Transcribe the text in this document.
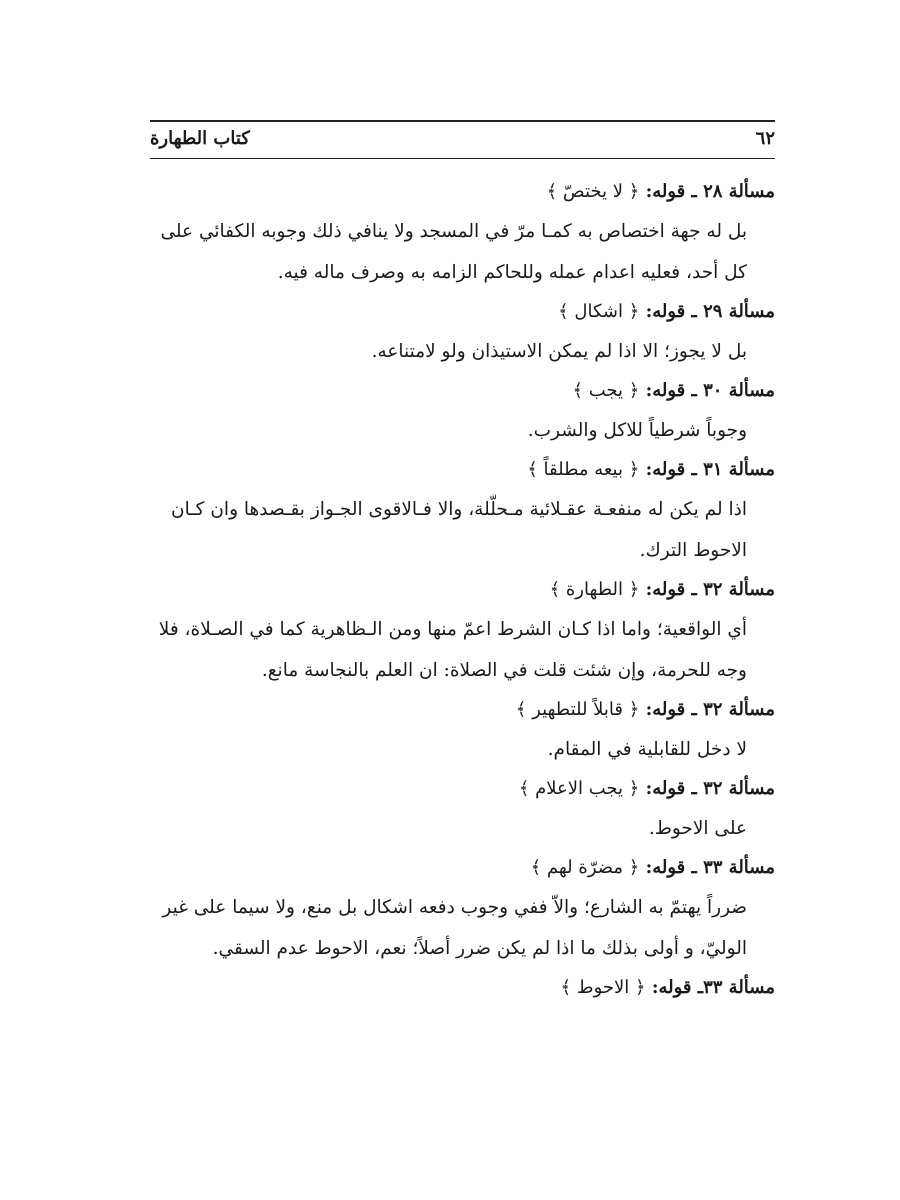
٦٢
كتاب الطهارة

مسألة ٢٨ ـ قوله: ﴿ لا يختصّ ﴾

بل له جهة اختصاص به كمـا مرّ في المسجد ولا ينافي ذلك وجوبه الكفائي على

كل أحد، فعليه اعدام عمله وللحاكم الزامه به وصرف ماله فيه.

مسألة ٢٩ ـ قوله: ﴿ اشكال ﴾

بل لا يجوز؛ الا اذا لم يمكن الاستيذان ولو لامتناعه.

مسألة ٣٠ ـ قوله: ﴿ يجب ﴾

وجوباً شرطياً للاكل والشرب.

مسألة ٣١ ـ قوله: ﴿ بيعه مطلقاً ﴾

اذا لم يكن له منفعـة عقـلائية مـحلّلة، والا فـالاقوى الجـواز بقـصدها وان كـان

الاحوط الترك.

مسألة ٣٢ ـ قوله: ﴿ الطهارة ﴾

أي الواقعية؛ واما اذا كـان الشرط اعمّ منها ومن الـظاهرية كما في الصـلاة، فلا

وجه للحرمة، وإن شئت قلت في الصلاة: ان العلم بالنجاسة مانع.

مسألة ٣٢ ـ قوله: ﴿ قابلاً للتطهير ﴾

لا دخل للقابلية في المقام.

مسألة ٣٢ ـ قوله: ﴿ يجب الاعلام ﴾

على الاحوط.

مسألة ٣٣ ـ قوله: ﴿ مضرّة لهم ﴾

ضرراً يهتمّ به الشارع؛ والاّ ففي وجوب دفعه اشكال بل منع، ولا سيما على غير

الوليّ، و أولى بذلك ما اذا لم يكن ضرر أصلاً؛ نعم، الاحوط عدم السقي.

مسألة ٣٣ـ قوله: ﴿ الاحوط ﴾
